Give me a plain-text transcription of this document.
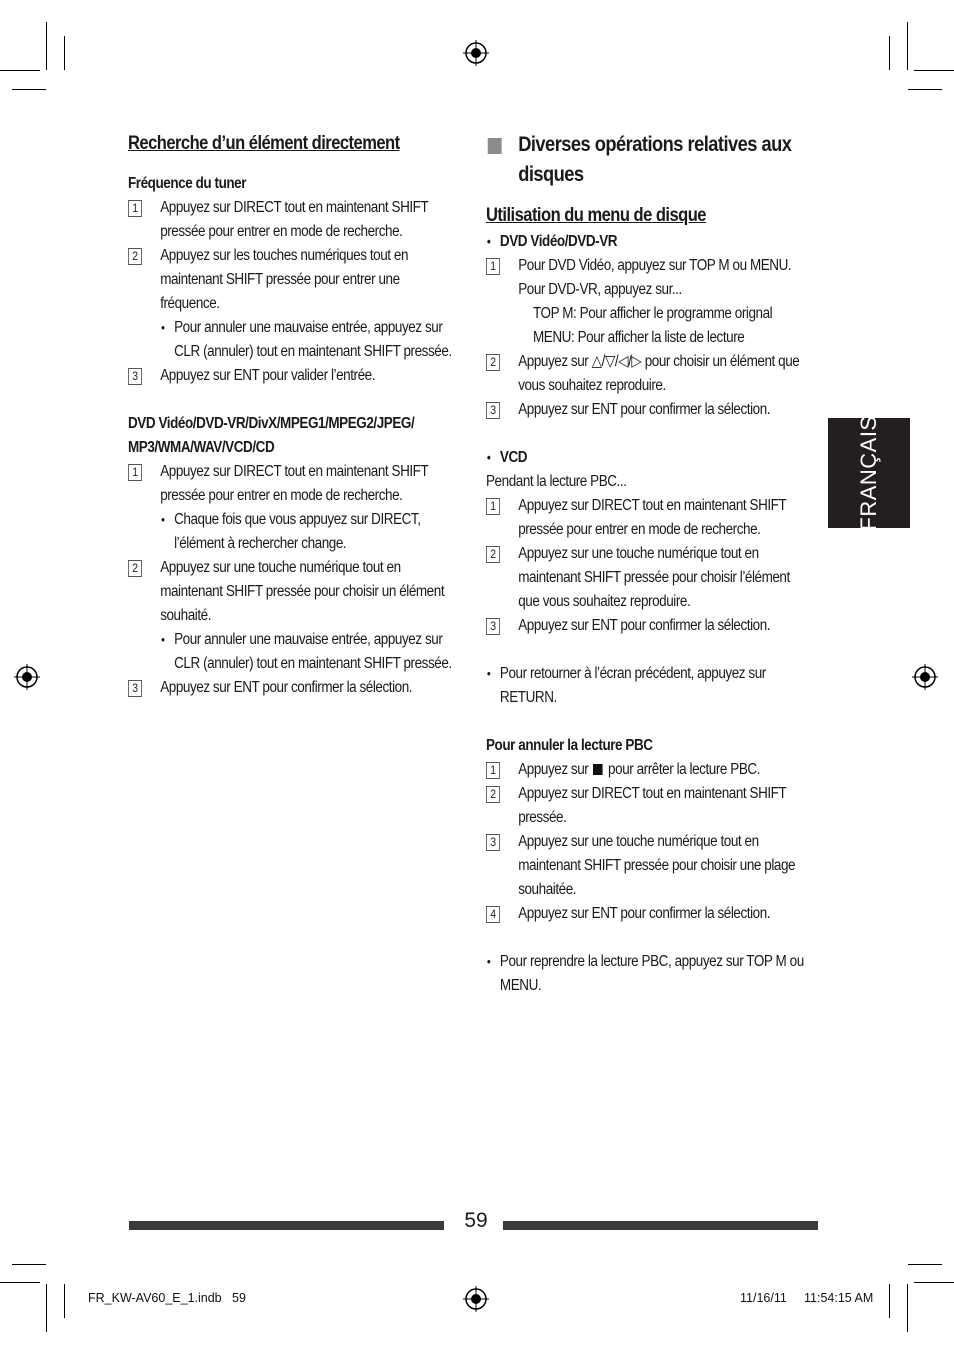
Recherche d’un élément directement
Fréquence du tuner
1 Appuyez sur DIRECT tout en maintenant SHIFT pressée pour entrer en mode de recherche.
2 Appuyez sur les touches numériques tout en maintenant SHIFT pressée pour entrer une fréquence.
• Pour annuler une mauvaise entrée, appuyez sur CLR (annuler) tout en maintenant SHIFT pressée.
3 Appuyez sur ENT pour valider l’entrée.
DVD Vidéo/DVD-VR/DivX/MPEG1/MPEG2/JPEG/ MP3/WMA/WAV/VCD/CD
1 Appuyez sur DIRECT tout en maintenant SHIFT pressée pour entrer en mode de recherche.
• Chaque fois que vous appuyez sur DIRECT, l’élément à rechercher change.
2 Appuyez sur une touche numérique tout en maintenant SHIFT pressée pour choisir un élément souhaité.
• Pour annuler une mauvaise entrée, appuyez sur CLR (annuler) tout en maintenant SHIFT pressée.
3 Appuyez sur ENT pour confirmer la sélection.
Diverses opérations relatives aux disques
Utilisation du menu de disque
• DVD Vidéo/DVD-VR
1 Pour DVD Vidéo, appuyez sur TOP M ou MENU.
Pour DVD-VR, appuyez sur...
TOP M: Pour afficher le programme orignal
MENU: Pour afficher la liste de lecture
2 Appuyez sur △/▽/◁/▷ pour choisir un élément que vous souhaitez reproduire.
3 Appuyez sur ENT pour confirmer la sélection.
• VCD
Pendant la lecture PBC...
1 Appuyez sur DIRECT tout en maintenant SHIFT pressée pour entrer en mode de recherche.
2 Appuyez sur une touche numérique tout en maintenant SHIFT pressée pour choisir l’élément que vous souhaitez reproduire.
3 Appuyez sur ENT pour confirmer la sélection.
• Pour retourner à l’écran précédent, appuyez sur RETURN.
Pour annuler la lecture PBC
1 Appuyez sur pour arrêter la lecture PBC.
2 Appuyez sur DIRECT tout en maintenant SHIFT pressée.
3 Appuyez sur une touche numérique tout en maintenant SHIFT pressée pour choisir une plage souhaitée.
4 Appuyez sur ENT pour confirmer la sélection.
• Pour reprendre la lecture PBC, appuyez sur TOP M ou MENU.
FRANÇAIS
59
FR_KW-AV60_E_1.indb   59	11/16/11 11:54:15 AM
